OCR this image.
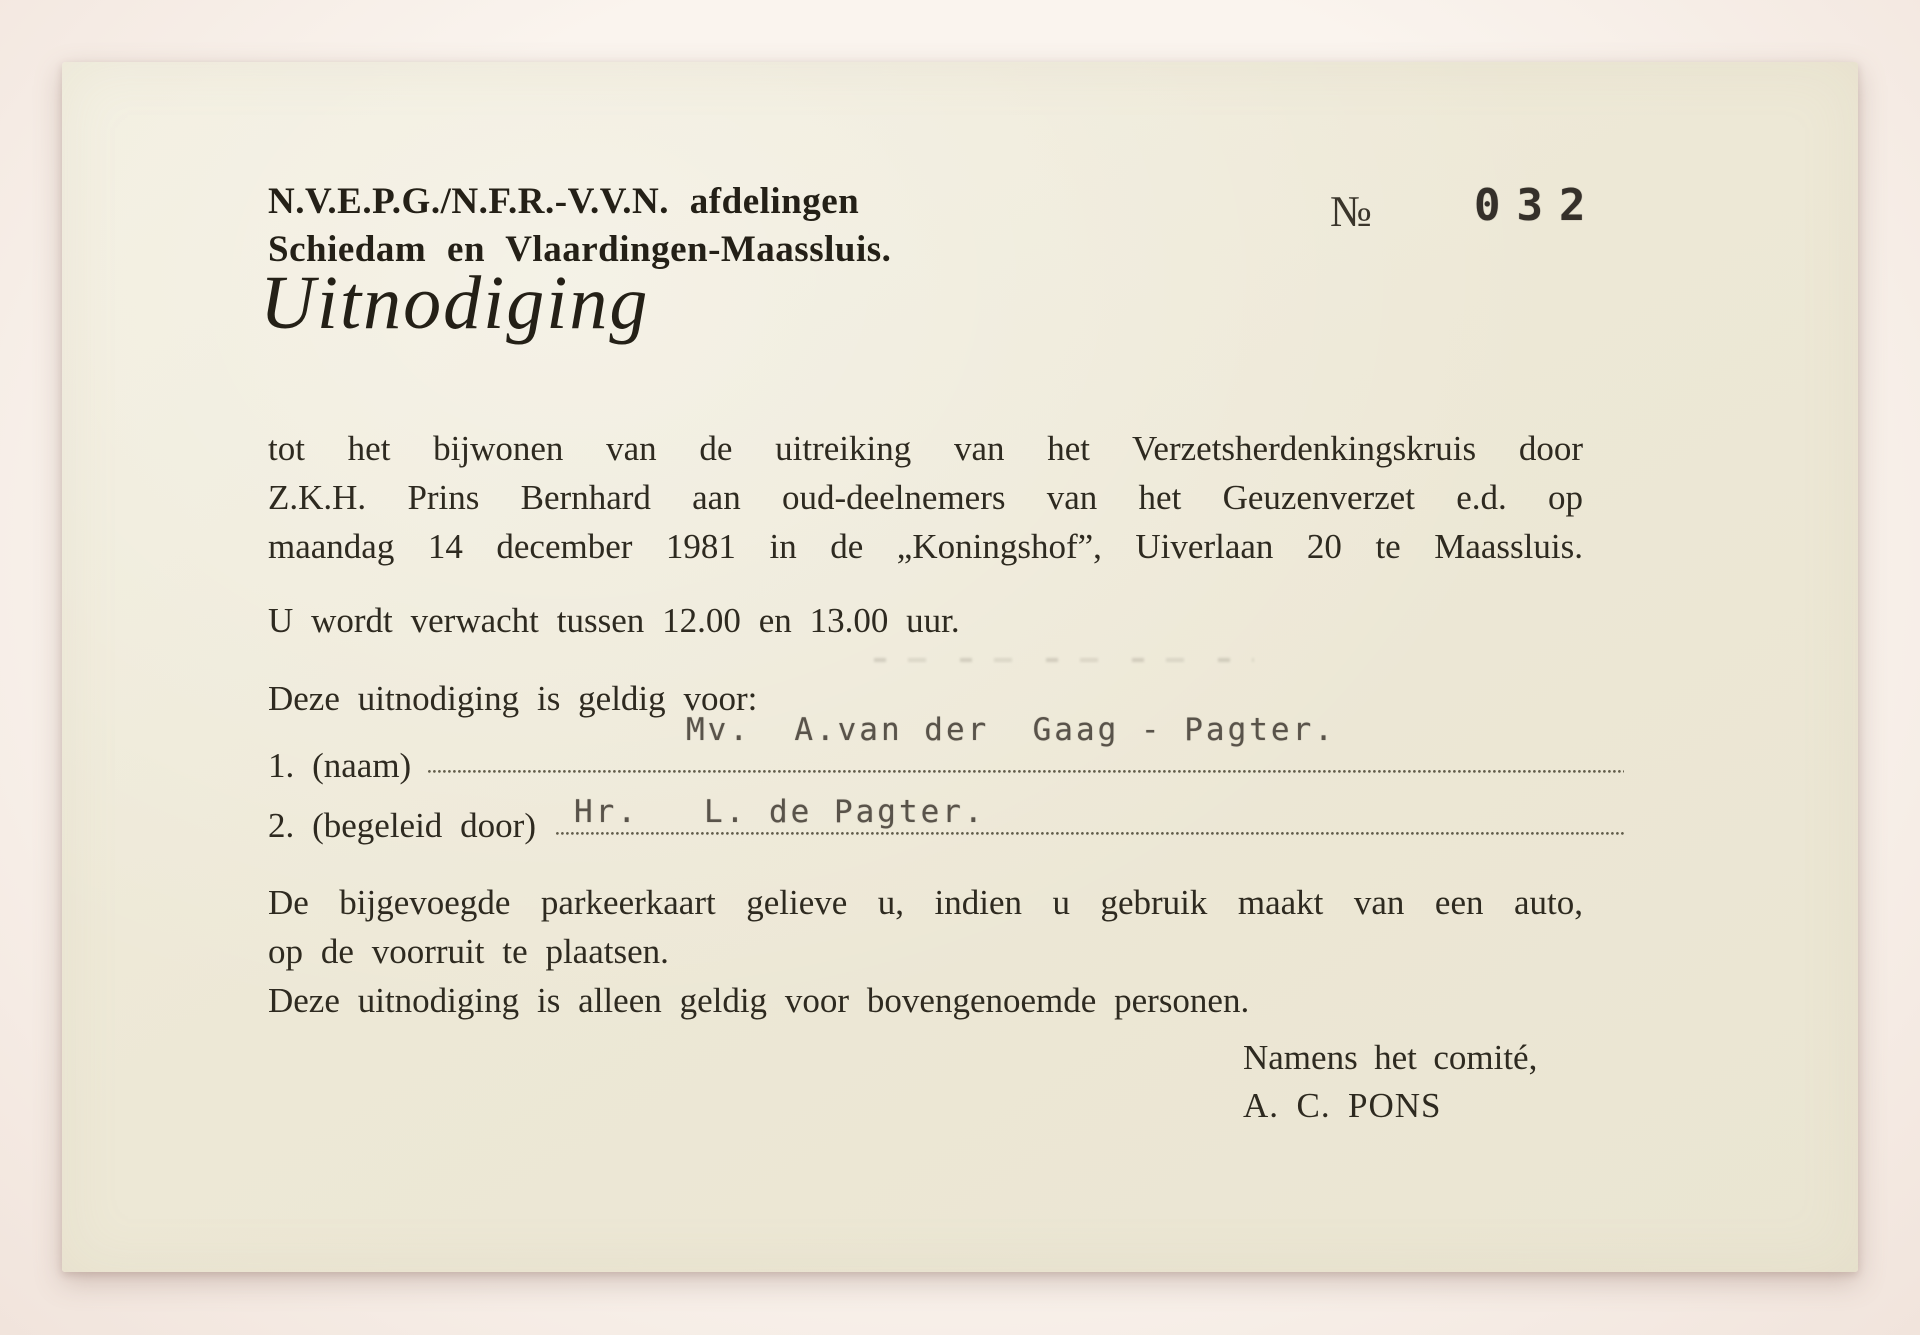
N.V.E.P.G./N.F.R.-V.V.N. afdelingen
Schiedam en Vlaardingen-Maassluis.
№ 032
Uitnodiging
tot het bijwonen van de uitreiking van het Verzetsherdenkingskruis door
Z.K.H. Prins Bernhard aan oud-deelnemers van het Geuzenverzet e.d. op
maandag 14 december 1981 in de „Koningshof”, Uiverlaan 20 te Maassluis.
U wordt verwacht tussen 12.00 en 13.00 uur.
Deze uitnodiging is geldig voor:
Mv.  A.van der  Gaag - Pagter.
1. (naam)
Hr.   L. de Pagter.
2. (begeleid door)
De bijgevoegde parkeerkaart gelieve u, indien u gebruik maakt van een auto,
op de voorruit te plaatsen.
Deze uitnodiging is alleen geldig voor bovengenoemde personen.
Namens het comité,
A. C. PONS
